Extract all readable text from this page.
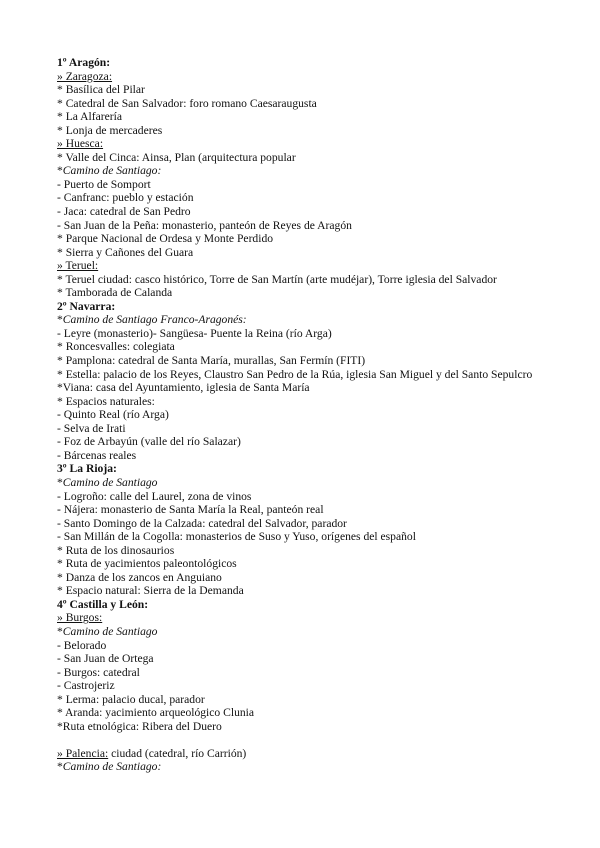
1º Aragón:
» Zaragoza:
* Basílica del Pilar
* Catedral de San Salvador: foro romano Caesaraugusta
* La Alfarería
* Lonja de mercaderes
» Huesca:
* Valle del Cinca: Ainsa, Plan (arquitectura popular
*Camino de Santiago:
- Puerto de Somport
- Canfranc: pueblo y estación
- Jaca: catedral de San Pedro
- San Juan de la Peña: monasterio, panteón de Reyes de Aragón
* Parque Nacional de Ordesa y Monte Perdido
* Sierra y Cañones del Guara
» Teruel:
* Teruel ciudad: casco histórico, Torre de San Martín (arte mudéjar), Torre iglesia del Salvador
* Tamborada de Calanda
2º Navarra:
*Camino de Santiago Franco-Aragonés:
- Leyre (monasterio)- Sangüesa- Puente la Reina (río Arga)
* Roncesvalles: colegiata
* Pamplona: catedral de Santa María, murallas, San Fermín (FITI)
* Estella: palacio de los Reyes, Claustro San Pedro de la Rúa, iglesia San Miguel y del Santo Sepulcro
*Viana: casa del Ayuntamiento, iglesia de Santa María
* Espacios naturales:
- Quinto Real (río Arga)
- Selva de Irati
- Foz de Arbayún (valle del río Salazar)
- Bárcenas reales
3º La Rioja:
*Camino de Santiago
- Logroño: calle del Laurel, zona de vinos
- Nájera: monasterio de Santa María la Real, panteón real
- Santo Domingo de la Calzada: catedral del Salvador, parador
- San Millán de la Cogolla: monasterios de Suso y Yuso, orígenes del español
* Ruta de los dinosaurios
* Ruta de yacimientos paleontológicos
* Danza de los zancos en Anguiano
* Espacio natural: Sierra de la Demanda
4º Castilla y León:
» Burgos:
*Camino de Santiago
- Belorado
- San Juan de Ortega
- Burgos: catedral
- Castrojeriz
* Lerma: palacio ducal, parador
* Aranda: yacimiento arqueológico Clunia
*Ruta etnológica: Ribera del Duero
» Palencia: ciudad (catedral, río Carrión)
*Camino de Santiago:
